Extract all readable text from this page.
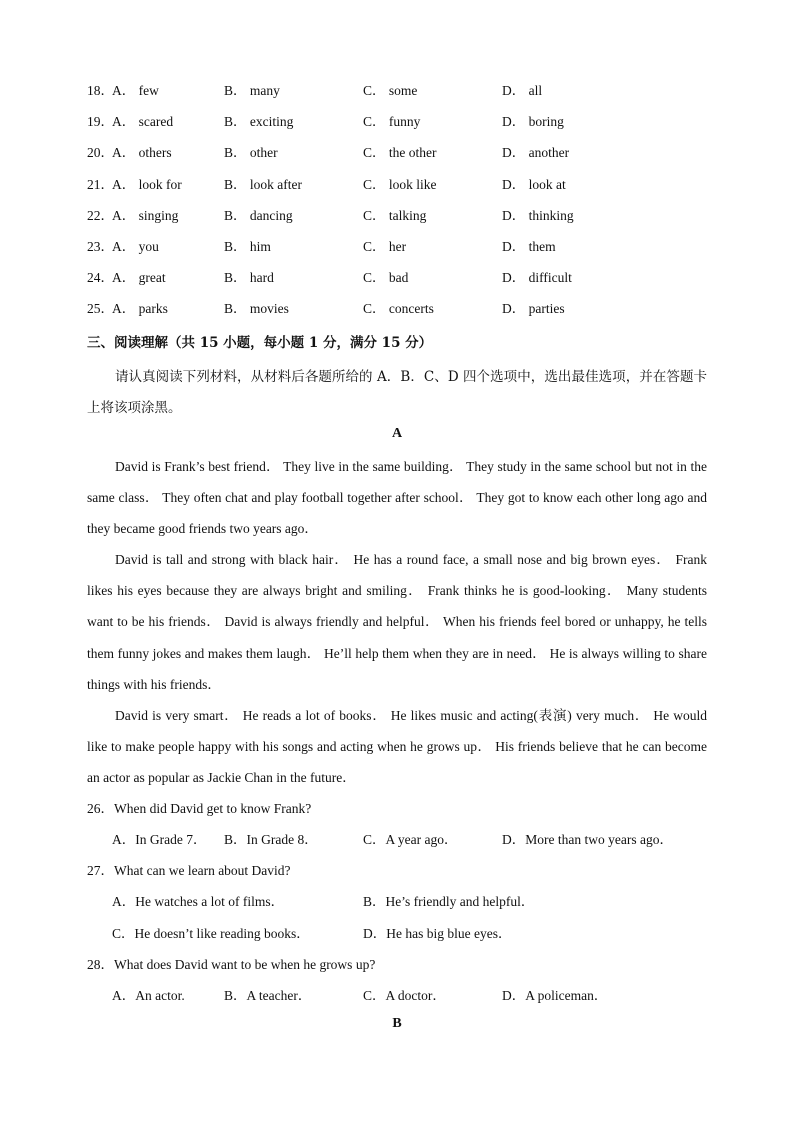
18．
A． few	B． many	C． some	D． all
19．
A． scared	B． exciting	C． funny	D． boring
20．
A． others	B． other	C． the other	D． another
21．
A． look for	B． look after	C． look like	D． look at
22．
A． singing	B． dancing	C． talking	D． thinking
23．
A． you	B． him	C． her	D． them
24．
A． great	B． hard	C． bad	D． difficult
25．
A． parks	B． movies	C． concerts	D． parties
三、阅读理解（共 15 小题，每小题 1 分，满分 15 分）
请认真阅读下列材料，从材料后各题所给的 A．B．C、D 四个选项中，选出最佳选项，并在答题卡上将该项涂黑。
A
David is Frank’s best friend． They live in the same building． They study in the same school but not in the same class． They often chat and play football together after school． They got to know each other long ago and they became good friends two years ago．
David is tall and strong with black hair． He has a round face, a small nose and big brown eyes． Frank likes his eyes because they are always bright and smiling． Frank thinks he is good-looking． Many students want to be his friends． David is always friendly and helpful． When his friends feel bored or unhappy, he tells them funny jokes and makes them laugh． He’ll help them when they are in need． He is always willing to share things with his friends．
David is very smart． He reads a lot of books． He likes music and acting(表演) very much． He would like to make people happy with his songs and acting when he grows up． His friends believe that he can become an actor as popular as Jackie Chan in the future．
26．When did David get to know Frank?
A．In Grade 7． B．In Grade 8．	C．A year ago．	D．More than two years ago．
27．What can we learn about David?
A．He watches a lot of films．	B．He’s friendly and helpful．
C．He doesn’t like reading books．	D．He has big blue eyes．
28．What does David want to be when he grows up?
A．An actor.	B．A teacher．	C．A doctor．	D．A policeman．
B
